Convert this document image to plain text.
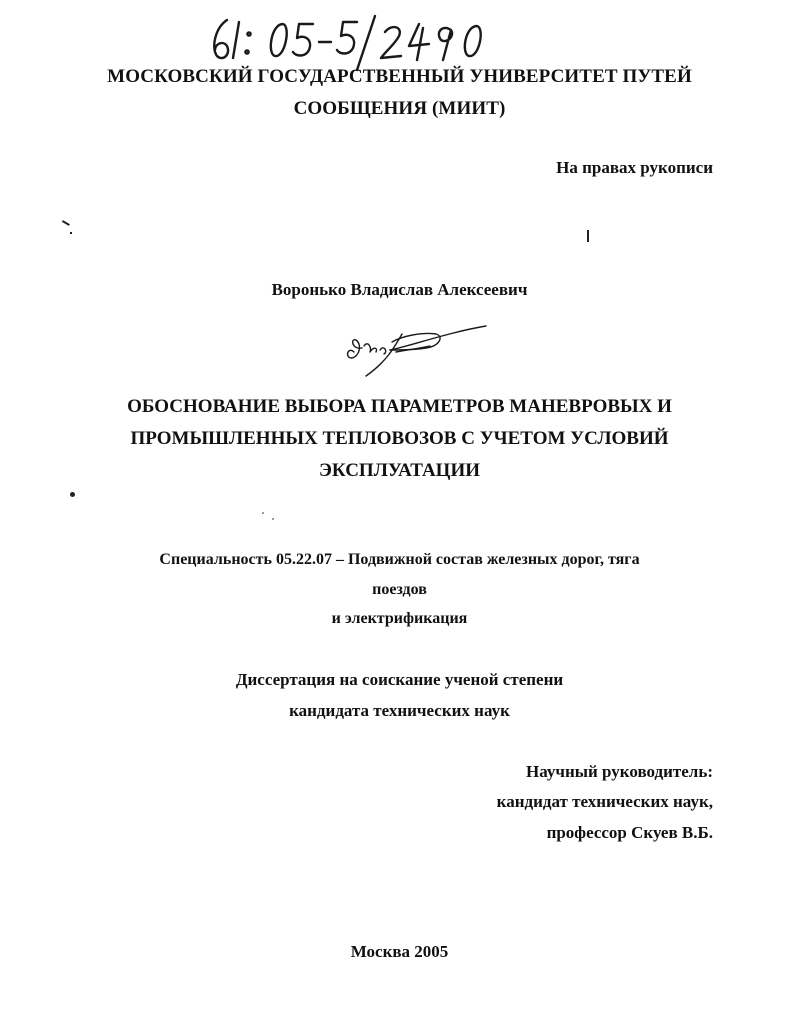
МОСКОВСКИЙ ГОСУДАРСТВЕННЫЙ УНИВЕРСИТЕТ ПУТЕЙ
СООБЩЕНИЯ (МИИТ)
На правах рукописи
Воронько Владислав Алексеевич
ОБОСНОВАНИЕ ВЫБОРА ПАРАМЕТРОВ МАНЕВРОВЫХ И
ПРОМЫШЛЕННЫХ ТЕПЛОВОЗОВ С УЧЕТОМ УСЛОВИЙ
ЭКСПЛУАТАЦИИ
Специальность 05.22.07 – Подвижной состав железных дорог, тяга
поездов
и электрификация
Диссертация на соискание ученой степени
кандидата технических наук
Научный руководитель:
кандидат технических наук,
профессор Скуев В.Б.
Москва 2005
